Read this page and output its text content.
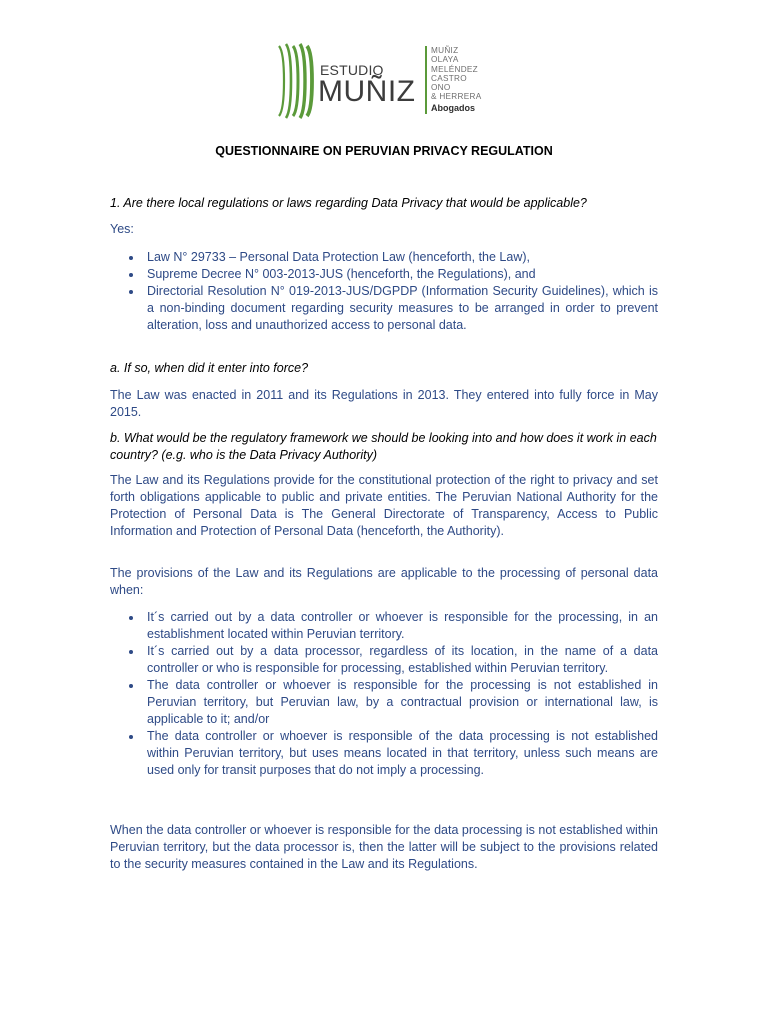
ESTUDIO
MUÑIZ
MUÑIZ
OLAYA
MELÉNDEZ
CASTRO
ONO
& HERRERA
Abogados

QUESTIONNAIRE ON PERUVIAN PRIVACY REGULATION

1. Are there local regulations or laws regarding Data Privacy that would be applicable?

Yes:

Law N° 29733 – Personal Data Protection Law (henceforth, the Law),
Supreme Decree N° 003-2013-JUS (henceforth, the Regulations), and
Directorial Resolution N° 019-2013-JUS/DGPDP (Information Security Guidelines), which is a non-binding document regarding security measures to be arranged in order to prevent alteration, loss and unauthorized access to personal data.

a. If so, when did it enter into force?

The Law was enacted in 2011 and its Regulations in 2013. They entered into fully force in May 2015.

b. What would be the regulatory framework we should be looking into and how does it work in each country? (e.g. who is the Data Privacy Authority)

The Law and its Regulations provide for the constitutional protection of the right to privacy and set forth obligations applicable to public and private entities. The Peruvian National Authority for the Protection of Personal Data is The General Directorate of Transparency, Access to Public Information and Protection of Personal Data (henceforth, the Authority).

The provisions of the Law and its Regulations are applicable to the processing of personal data when:

It´s carried out by a data controller or whoever is responsible for the processing, in an establishment located within Peruvian territory.
It´s carried out by a data processor, regardless of its location, in the name of a data controller or who is responsible for processing, established within Peruvian territory.
The data controller or whoever is responsible for the processing is not established in Peruvian territory, but Peruvian law, by a contractual provision or international law, is applicable to it; and/or
The data controller or whoever is responsible of the data processing is not established within Peruvian territory, but uses means located in that territory, unless such means are used only for transit purposes that do not imply a processing.

When the data controller or whoever is responsible for the data processing is not established within Peruvian territory, but the data processor is, then the latter will be subject to the provisions related to the security measures contained in the Law and its Regulations.
